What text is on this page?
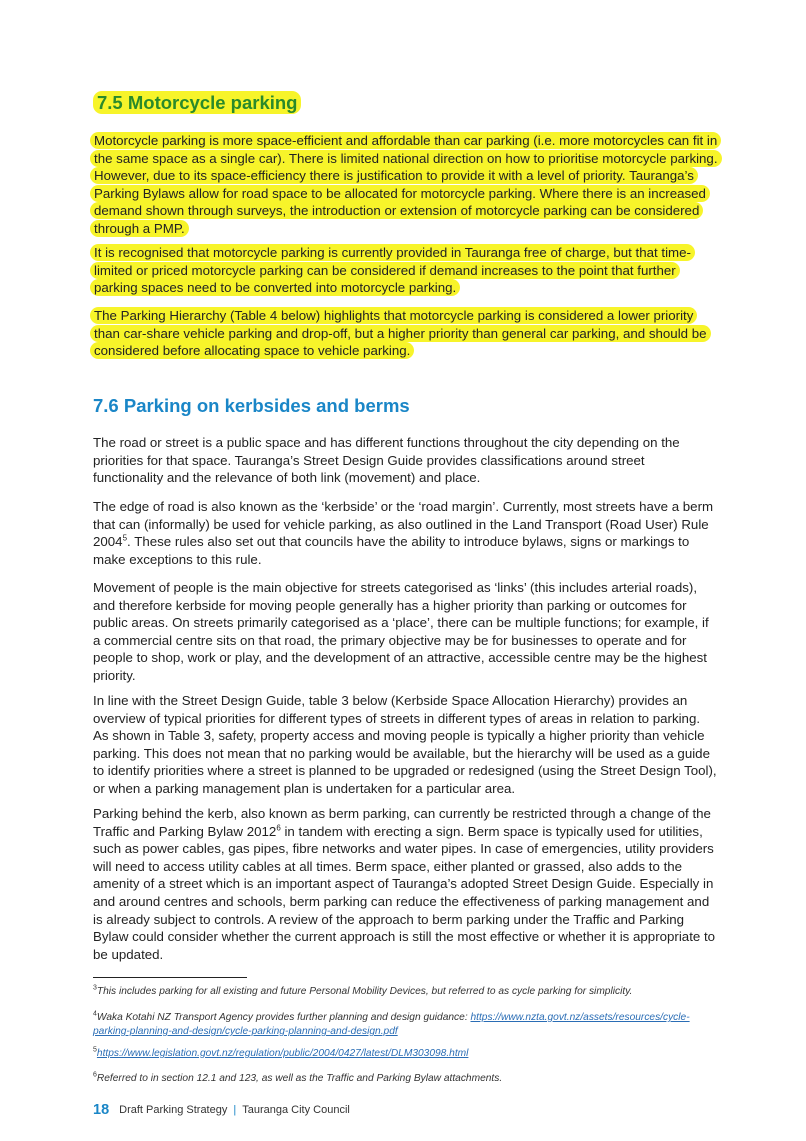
7.5 Motorcycle parking

Motorcycle parking is more space-efficient and affordable than car parking (i.e. more motorcycles can fit in the same space as a single car). There is limited national direction on how to prioritise motorcycle parking. However, due to its space-efficiency there is justification to provide it with a level of priority. Tauranga’s Parking Bylaws allow for road space to be allocated for motorcycle parking. Where there is an increased demand shown through surveys, the introduction or extension of motorcycle parking can be considered through a PMP.

It is recognised that motorcycle parking is currently provided in Tauranga free of charge, but that time-limited or priced motorcycle parking can be considered if demand increases to the point that further parking spaces need to be converted into motorcycle parking.

The Parking Hierarchy (Table 4 below) highlights that motorcycle parking is considered a lower priority than car-share vehicle parking and drop-off, but a higher priority than general car parking, and should be considered before allocating space to vehicle parking.

7.6 Parking on kerbsides and berms

The road or street is a public space and has different functions throughout the city depending on the priorities for that space. Tauranga’s Street Design Guide provides classifications around street functionality and the relevance of both link (movement) and place.

The edge of road is also known as the ‘kerbside’ or the ‘road margin’. Currently, most streets have a berm that can (informally) be used for vehicle parking, as also outlined in the Land Transport (Road User) Rule 2004$^5$. These rules also set out that councils have the ability to introduce bylaws, signs or markings to make exceptions to this rule.

Movement of people is the main objective for streets categorised as ‘links’ (this includes arterial roads), and therefore kerbside for moving people generally has a higher priority than parking or outcomes for public areas. On streets primarily categorised as a ‘place’, there can be multiple functions; for example, if a commercial centre sits on that road, the primary objective may be for businesses to operate and for people to shop, work or play, and the development of an attractive, accessible centre may be the highest priority.

In line with the Street Design Guide, table 3 below (Kerbside Space Allocation Hierarchy) provides an overview of typical priorities for different types of streets in different types of areas in relation to parking. As shown in Table 3, safety, property access and moving people is typically a higher priority than vehicle parking. This does not mean that no parking would be available, but the hierarchy will be used as a guide to identify priorities where a street is planned to be upgraded or redesigned (using the Street Design Tool), or when a parking management plan is undertaken for a particular area.

Parking behind the kerb, also known as berm parking, can currently be restricted through a change of the Traffic and Parking Bylaw 2012$^6$ in tandem with erecting a sign. Berm space is typically used for utilities, such as power cables, gas pipes, fibre networks and water pipes. In case of emergencies, utility providers will need to access utility cables at all times. Berm space, either planted or grassed, also adds to the amenity of a street which is an important aspect of Tauranga’s adopted Street Design Guide. Especially in and around centres and schools, berm parking can reduce the effectiveness of parking management and is already subject to controls. A review of the approach to berm parking under the Traffic and Parking Bylaw could consider whether the current approach is still the most effective or whether it is appropriate to be updated.

$^3$This includes parking for all existing and future Personal Mobility Devices, but referred to as cycle parking for simplicity.

$^4$Waka Kotahi NZ Transport Agency provides further planning and design guidance: https://www.nzta.govt.nz/assets/resources/cycle-parking-planning-and-design/cycle-parking-planning-and-design.pdf

$^5$https://www.legislation.govt.nz/regulation/public/2004/0427/latest/DLM303098.html

$^6$Referred to in section 12.1 and 123, as well as the Traffic and Parking Bylaw attachments.

18 Draft Parking Strategy | Tauranga City Council
